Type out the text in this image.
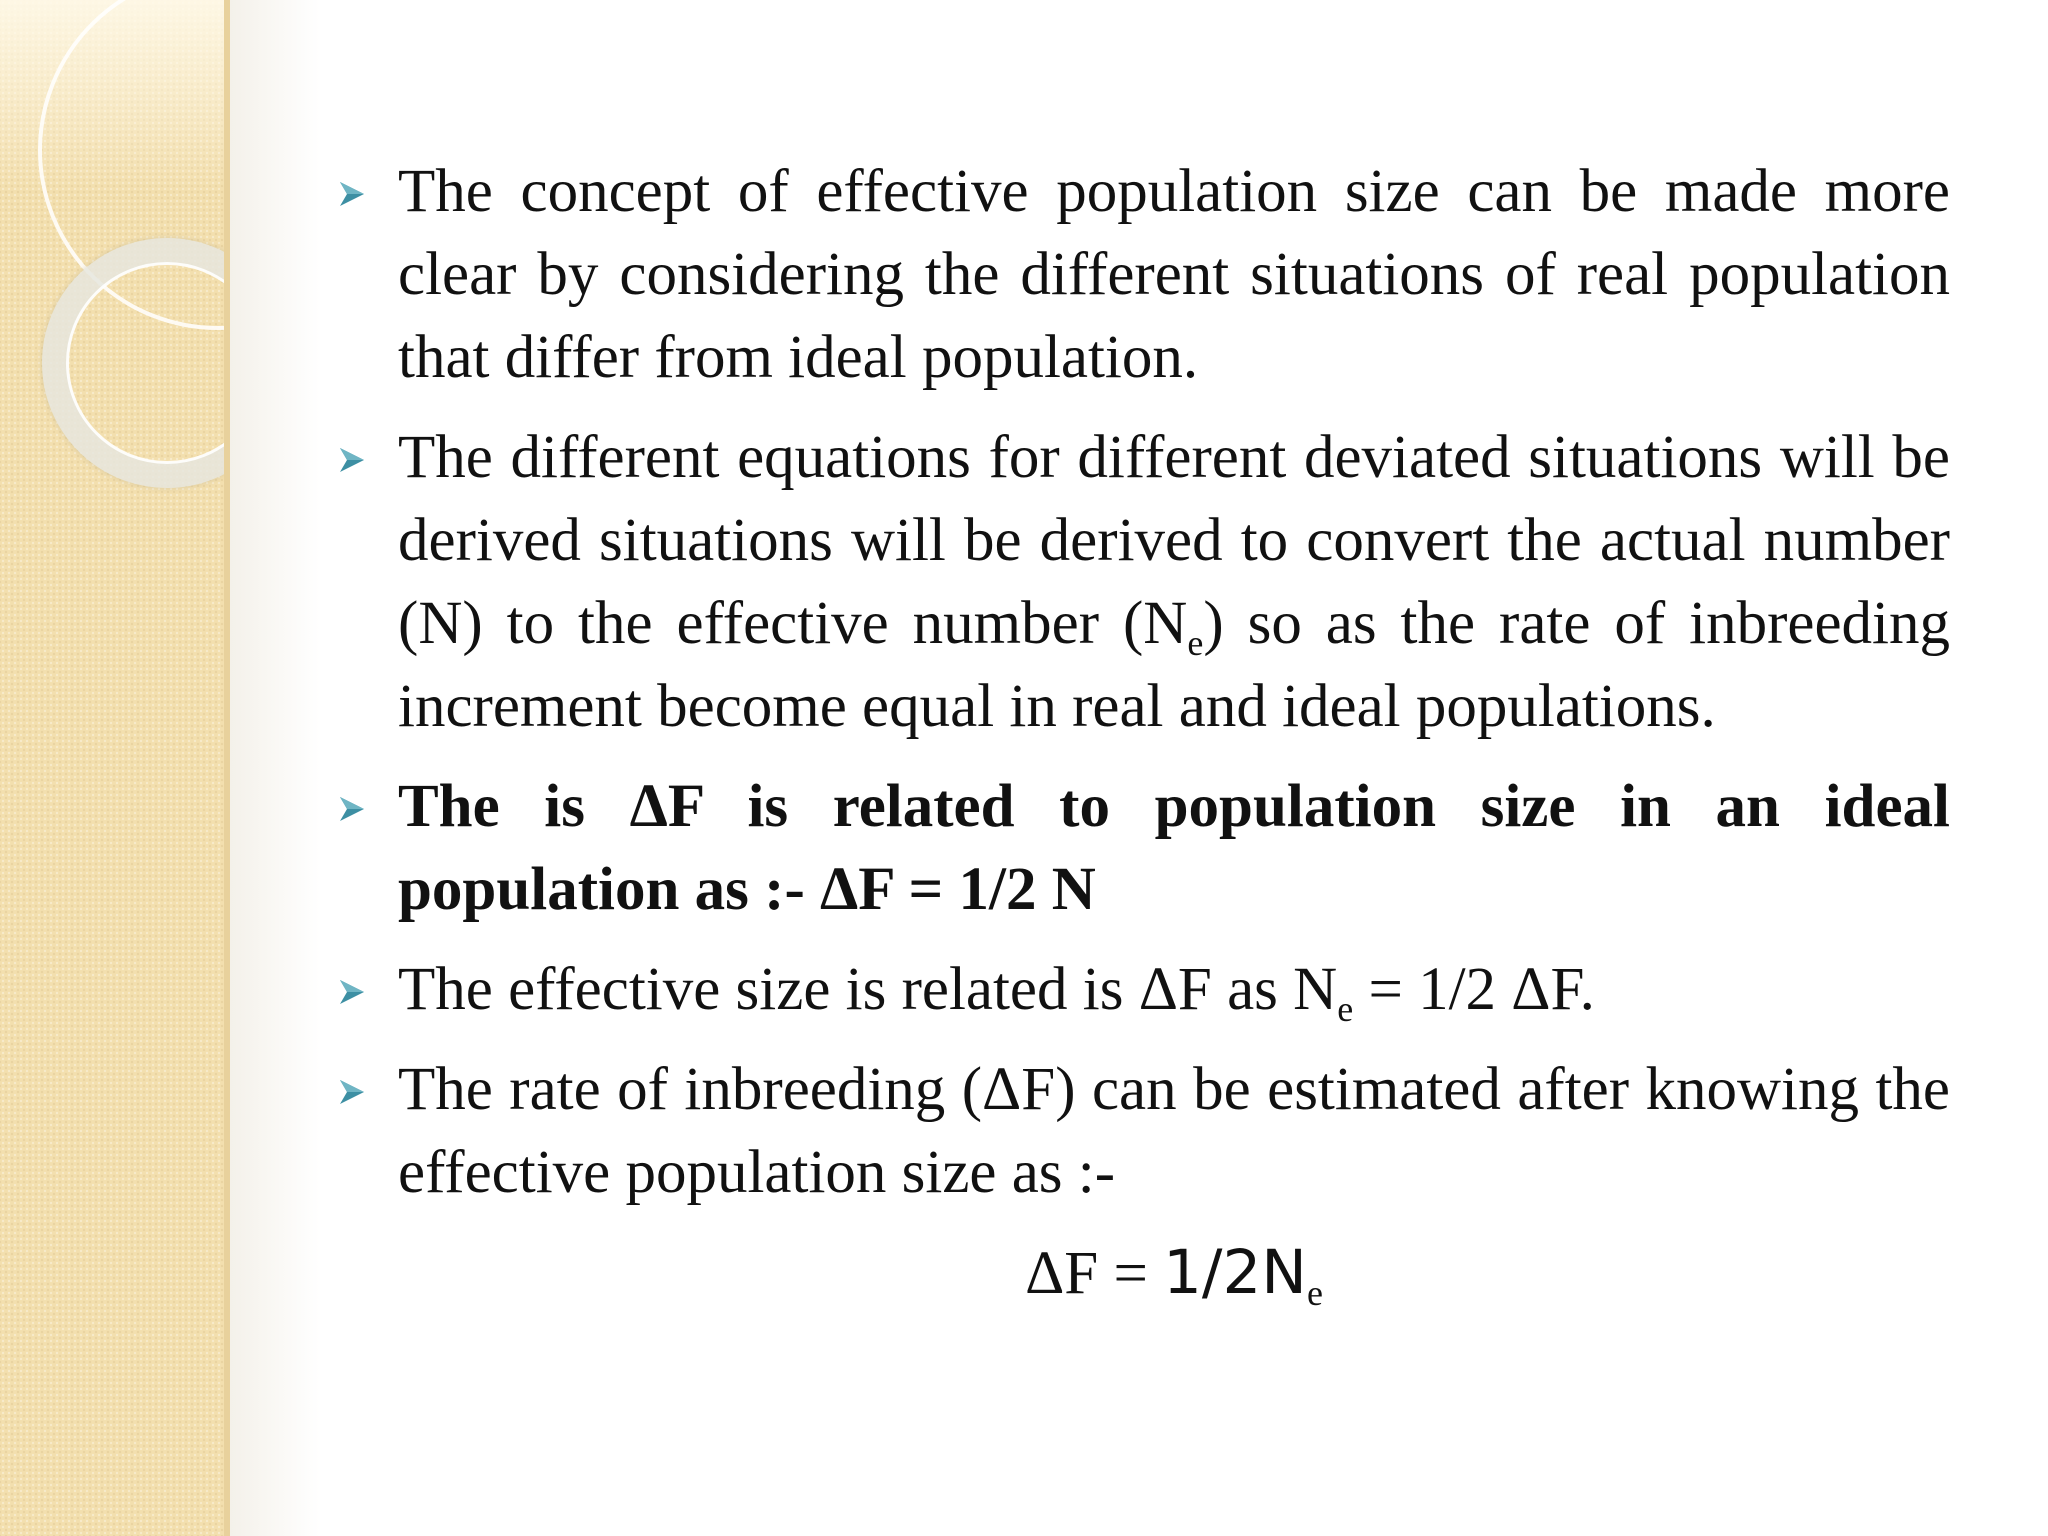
The concept of effective population size can be made more clear by considering the different situations of real population that differ from ideal population.
The different equations for different deviated situations will be derived situations will be derived to convert the actual number (N) to the effective number $(N_e)$ so as the rate of inbreeding increment become equal in real and ideal populations.
The is ΔF is related to population size in an ideal population as :- ΔF = 1/2 N
The effective size is related is ΔF as $N_e = 1/2$ ΔF.
The rate of inbreeding (ΔF) can be estimated after knowing the effective population size as :-
$\Delta F = 1/2N_e$
